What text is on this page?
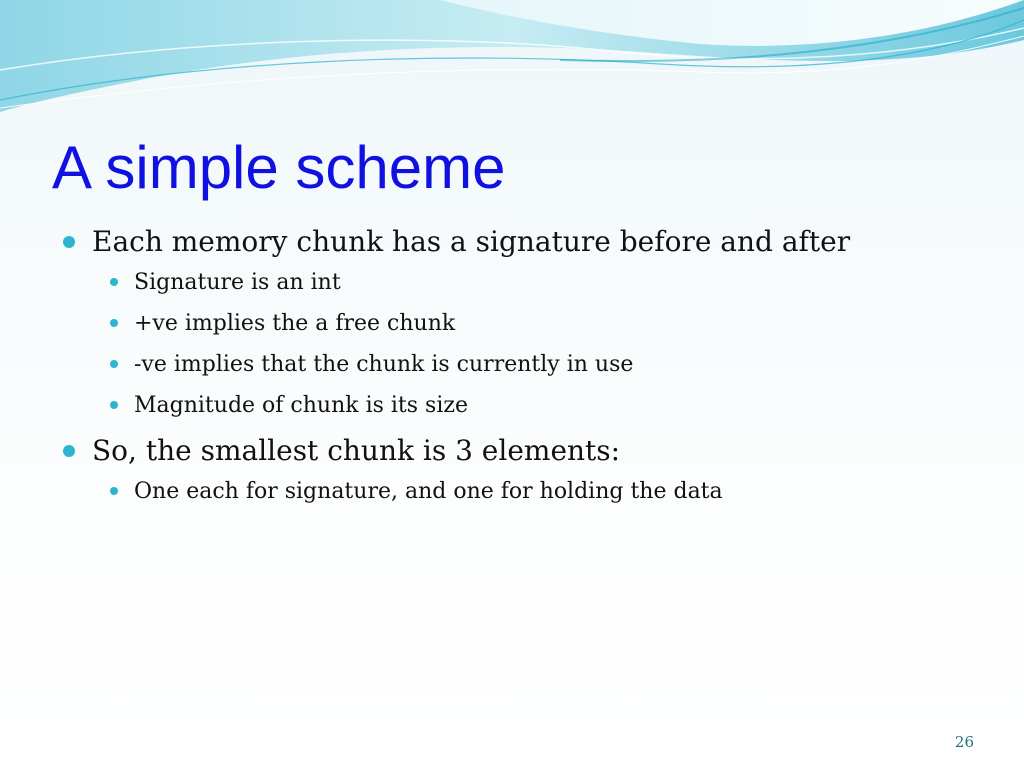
A simple scheme
Each memory chunk has a signature before and after
Signature is an int
+ve implies the a free chunk
-ve implies that the chunk is currently in use
Magnitude of chunk is its size
So, the smallest chunk is 3 elements:
One each for signature, and one for holding the data
26
